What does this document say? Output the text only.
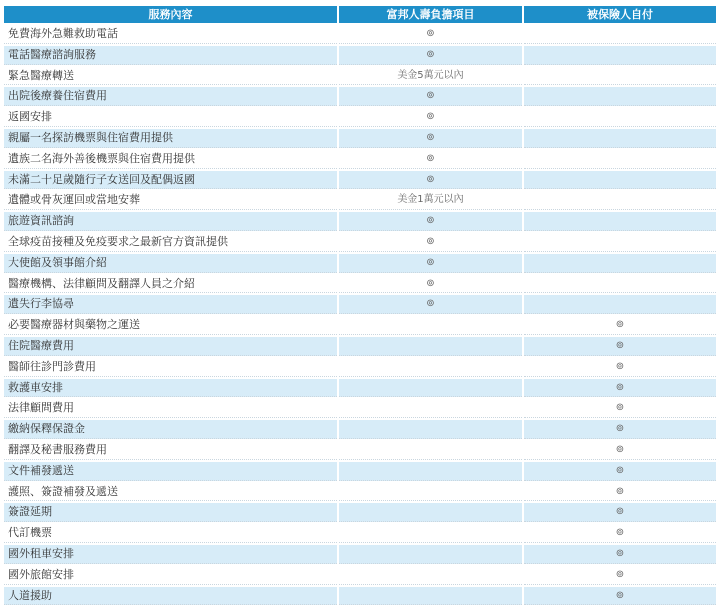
服務內容	富邦人壽負擔項目	被保險人自付
免費海外急難救助電話	⊚	
電話醫療諮詢服務	⊚	
緊急醫療轉送	美金5萬元以內	
出院後療養住宿費用	⊚	
返國安排	⊚	
親屬一名探訪機票與住宿費用提供	⊚	
遺族二名海外善後機票與住宿費用提供	⊚	
未滿二十足歲隨行子女送回及配偶返國	⊚	
遺體或骨灰運回或當地安葬	美金1萬元以內	
旅遊資訊諮詢	⊚	
全球疫苗接種及免疫要求之最新官方資訊提供	⊚	
大使館及領事館介紹	⊚	
醫療機構、法律顧問及翻譯人員之介紹	⊚	
遺失行李協尋	⊚	
必要醫療器材與藥物之運送		⊚
住院醫療費用		⊚
醫師往診門診費用		⊚
救護車安排		⊚
法律顧問費用		⊚
繳納保釋保證金		⊚
翻譯及秘書服務費用		⊚
文件補發遞送		⊚
護照、簽證補發及遞送		⊚
簽證延期		⊚
代訂機票		⊚
國外租車安排		⊚
國外旅館安排		⊚
人道援助		⊚
